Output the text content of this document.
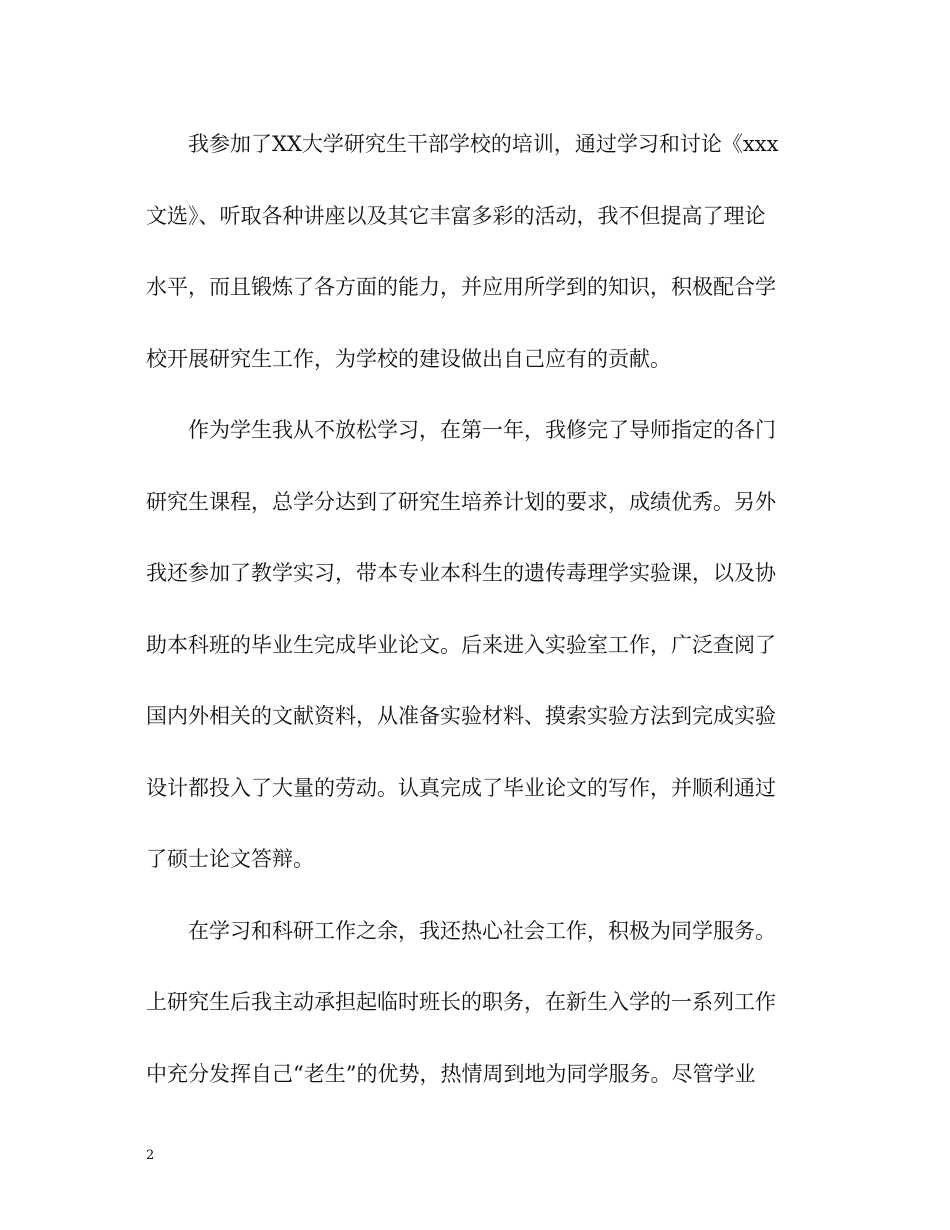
我参加了XX大学研究生干部学校的培训，通过学习和讨论《xxx
文选》、听取各种讲座以及其它丰富多彩的活动，我不但提高了理论
水平，而且锻炼了各方面的能力，并应用所学到的知识，积极配合学
校开展研究生工作，为学校的建设做出自己应有的贡献。
作为学生我从不放松学习，在第一年，我修完了导师指定的各门
研究生课程，总学分达到了研究生培养计划的要求，成绩优秀。另外
我还参加了教学实习，带本专业本科生的遗传毒理学实验课，以及协
助本科班的毕业生完成毕业论文。后来进入实验室工作，广泛查阅了
国内外相关的文献资料，从准备实验材料、摸索实验方法到完成实验
设计都投入了大量的劳动。认真完成了毕业论文的写作，并顺利通过
了硕士论文答辩。
在学习和科研工作之余，我还热心社会工作，积极为同学服务。
上研究生后我主动承担起临时班长的职务，在新生入学的一系列工作
中充分发挥自己“老生”的优势，热情周到地为同学服务。尽管学业
2
